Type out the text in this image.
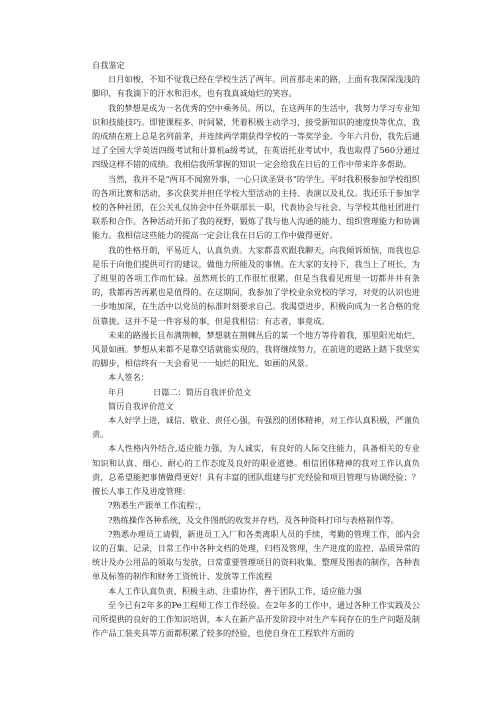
自我鉴定

日月如梭，不知不觉我已经在学校生活了两年。回首那走来的路，上面有我深深浅浅的脚印，有我滴下的汗水和泪水，也有我真诚灿烂的笑容。

我的梦想是成为一名优秀的空中乘务员。所以，在这两年的生活中，我努力学习专业知识和技能技巧。即使课程多、时间紧，凭着积极主动学习，接受新知识的速度快等优点，我的成绩在班上总是名列前茅，并连续两学期获得学校的一等奖学金。今年六月份，我先后通过了全国大学英语四级考试和计算机a级考试，在英语托业考试中，我也取得了560分通过四级这样不错的成绩。我相信我所掌握的知识一定会给我在日后的工作中带来许多帮助。

当然，我并不是“两耳不闻窗外事，一心只读圣贤书”的学生。平时我积极参加学校组织的各项比赛和活动，多次获奖并担任学校大型活动的主持、表演以及礼仪。我还乐于参加学校的各种社团，在公关礼仪协会中任外联部长一职，代表协会与社会、与学校其他社团进行联系和合作。各种活动开拓了我的视野，锻炼了我与他人沟通的能力、组织管理能力和协调能力。我相信这些能力的提高一定会让我在日后的工作中做得更好。

我的性格开朗，平易近人，认真负责。大家都喜欢跟我聊天，向我倾诉烦恼，而我也总是乐于向他们提供可行的建议，做他力所能及的事情。在大家的支持下，我当上了班长，为了班里的各项工作而忙碌。虽然班长的工作很忙很累，但是当我看见班里一切都井井有条的，我都再苦再累也是值得的。在这期间，我参加了学校业余党校的学习，对党的认识也进一步地加深，在生活中以党员的标准时刻要求自己。我渴望进步，积极向成为一名合格的党员靠拢。这并不是一件容易的事，但是我相信：有志者，事竟成。

未来的路漫长且布满荆棘，梦想就在荆棘丛后的某一个地方等待着我，那里阳光灿烂、风景如画。梦想从来都不是靠空话就能实现的，我将继续努力，在前进的道路上踏下我坚实的脚步，相信终有一天会看见一一灿烂的阳光、如画的风景。

本人签名：

年月           日篇二：简历自我评价范文

简历自我评价范文

本人好学上进，诚信、敬业、责任心强，有强烈的团体精神，对工作认真积极，严谨负责。

本人性格内外结合,适应能力强，为人诚实，有良好的人际交往能力，具备相关的专业知识和认真、细心、耐心的工作态度及良好的职业道德。相信团体精神的我对工作认真负责，总希望能把事情做得更好！具有丰富的团队组建与扩充经验和项目管理与协调经验；？擅长人事工作及进度管理：

?熟悉生产跟单工作流程：，

?熟练操作各种系统，及文件图纸的收发并存档，及各种资料打印与表格制作等。

?熟悉办理员工请假，新进员工入厂和各类离职人员的手续，考勤的管理工作，部内会议的召集、记录，日常工作中各种文档的处理，归档及管理，生产进度的监控、品质异常的统计及办公用品的领取与发放，日常重要管理项目的资料收集、整理及图表的制作，各种表单及标签的制作和财务工资统计、发放等工作流程

本人工作认真负责、积极主动、注重协作，善于团队工作，适应能力强

至今已有2年多的Pe工程师工作工作经验。在2年多的工作中，通过各种工作实践及公司所提供的良好的工作知识培训，本人在新产品开发阶段中对生产车间存在的生产问题及制作产品工装夹具等方面都积累了较多的经验，也使自身在工程软件方面的
